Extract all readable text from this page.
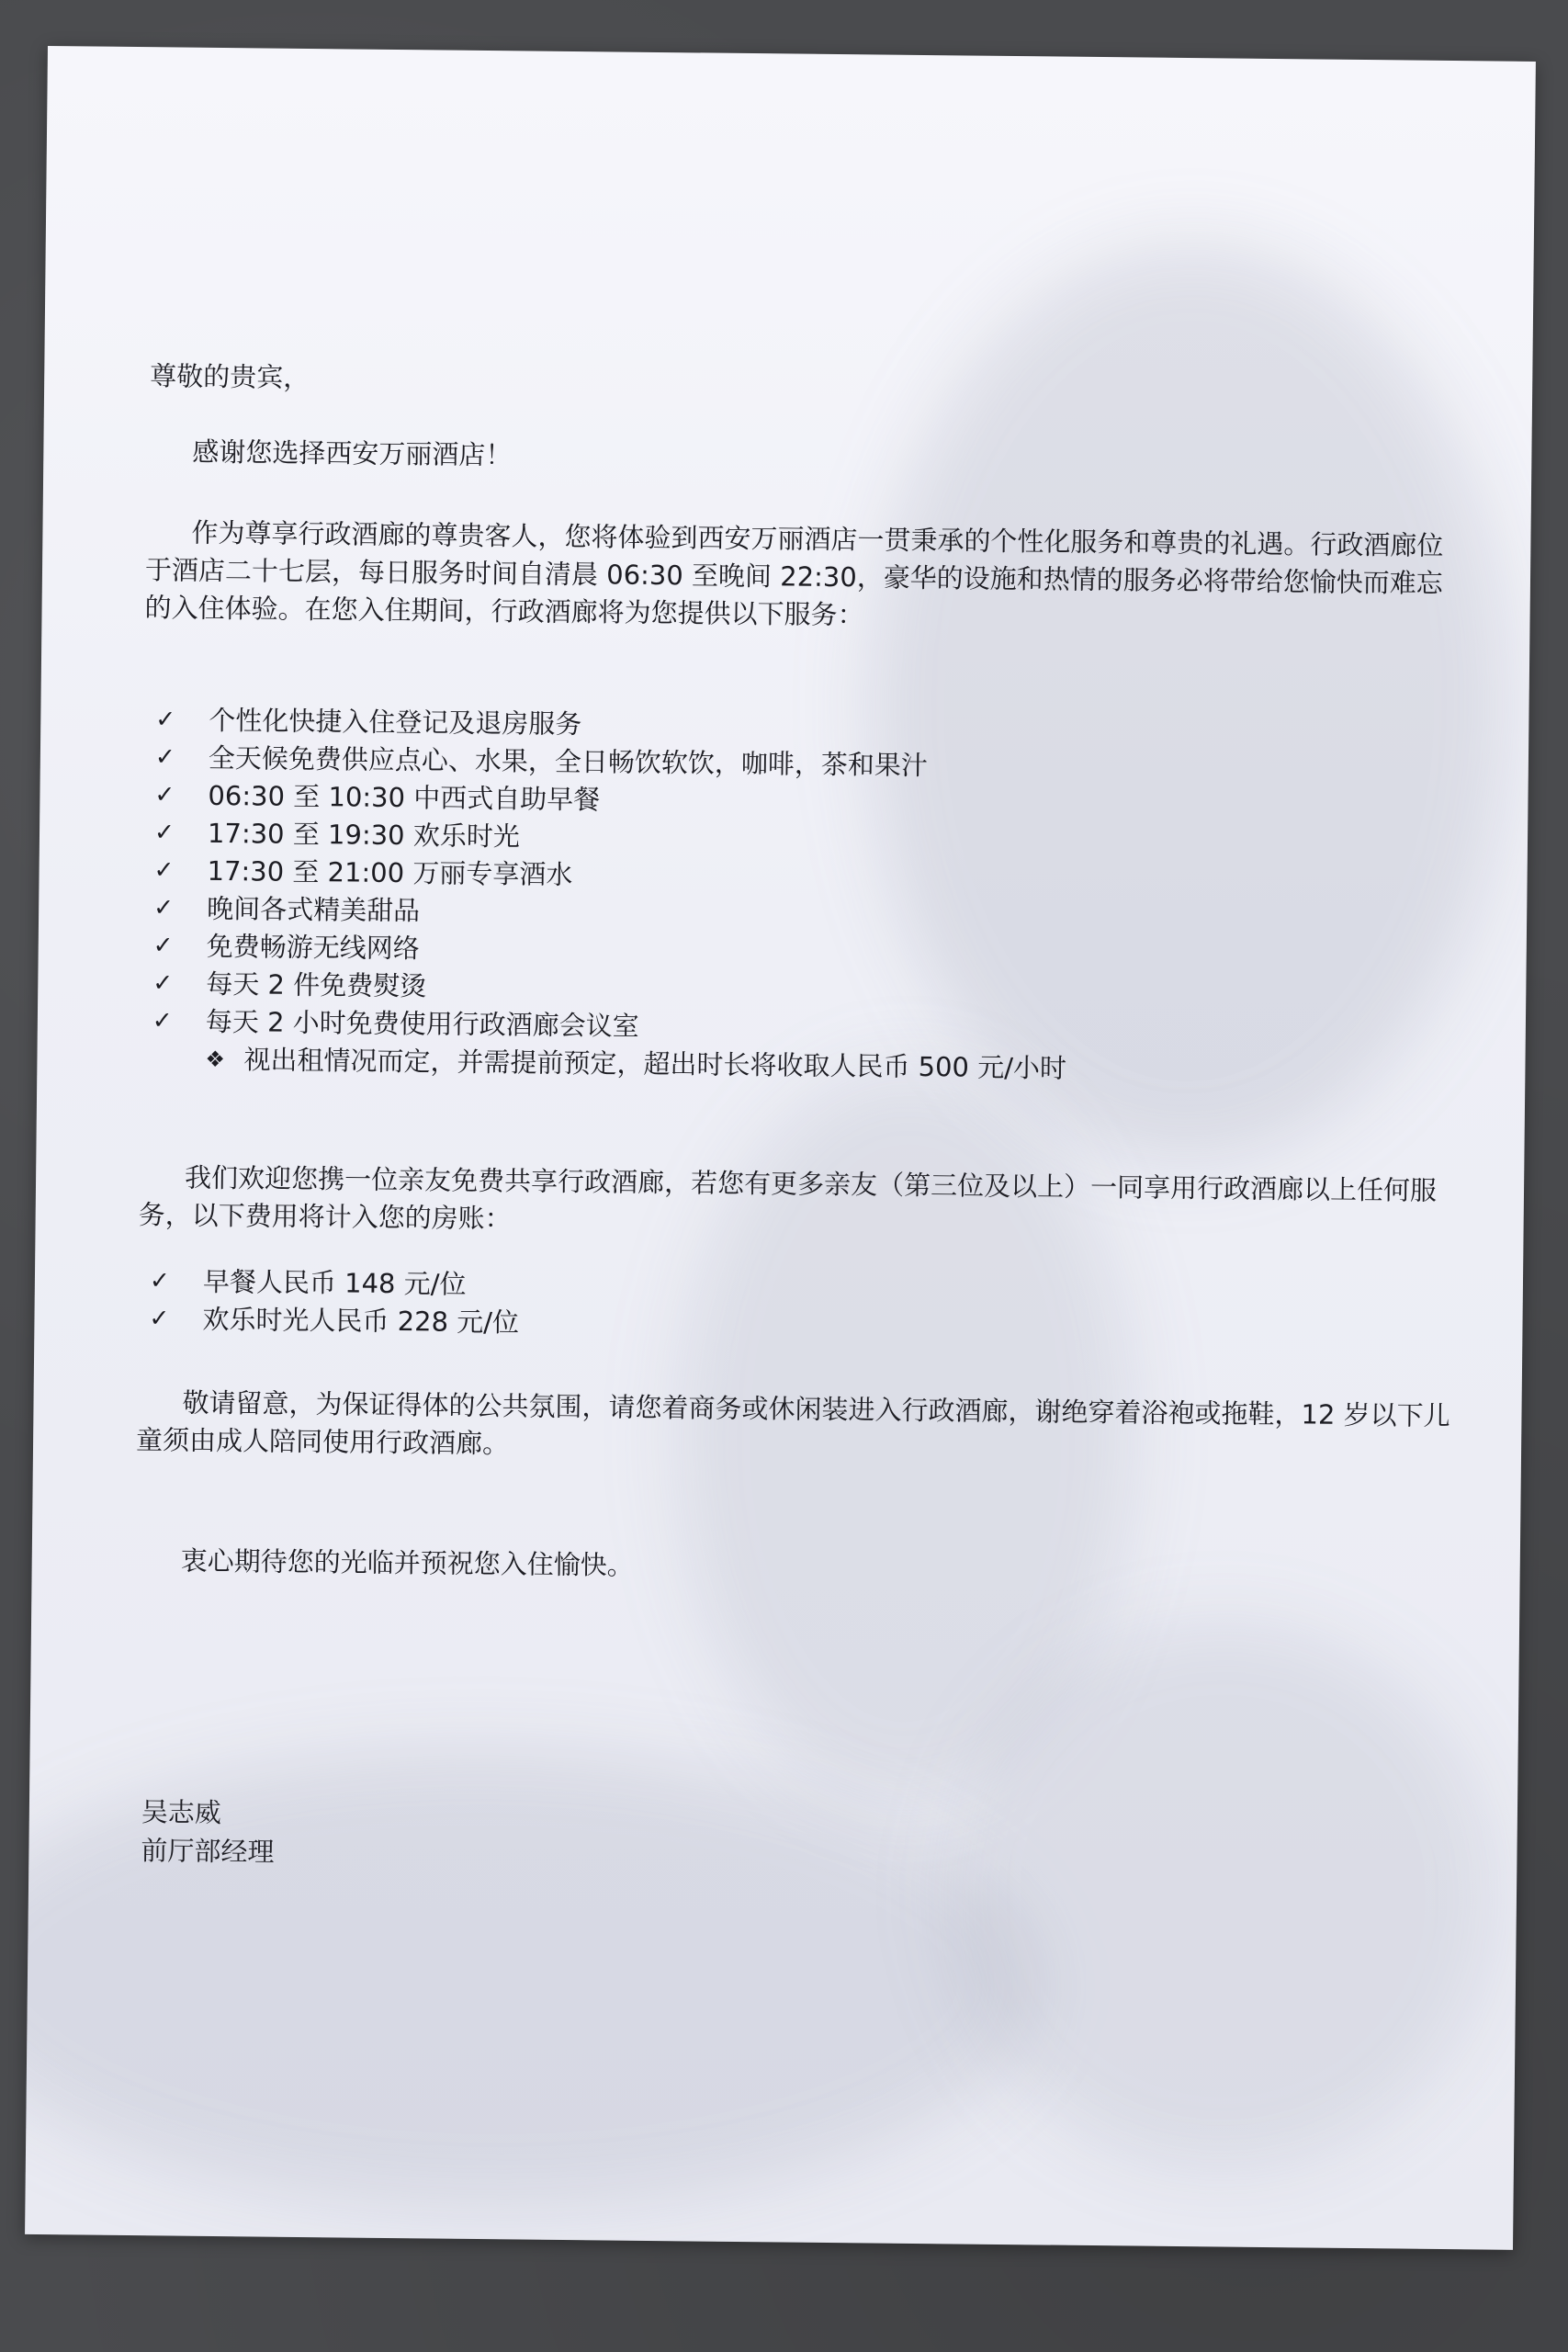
尊敬的贵宾，
感谢您选择西安万丽酒店！
作为尊享行政酒廊的尊贵客人，您将体验到西安万丽酒店一贯秉承的个性化服务和尊贵的礼遇。行政酒廊位于酒店二十七层，每日服务时间自清晨 06:30 至晚间 22:30，豪华的设施和热情的服务必将带给您愉快而难忘的入住体验。在您入住期间，行政酒廊将为您提供以下服务：
✓ 个性化快捷入住登记及退房服务
✓ 全天候免费供应点心、水果，全日畅饮软饮，咖啡，茶和果汁
✓ 06:30 至 10:30 中西式自助早餐
✓ 17:30 至 19:30 欢乐时光
✓ 17:30 至 21:00 万丽专享酒水
✓ 晚间各式精美甜品
✓ 免费畅游无线网络
✓ 每天 2 件免费熨烫
✓ 每天 2 小时免费使用行政酒廊会议室
❖ 视出租情况而定，并需提前预定，超出时长将收取人民币 500 元/小时
我们欢迎您携一位亲友免费共享行政酒廊，若您有更多亲友（第三位及以上）一同享用行政酒廊以上任何服务，以下费用将计入您的房账：
✓ 早餐人民币 148 元/位
✓ 欢乐时光人民币 228 元/位
敬请留意，为保证得体的公共氛围，请您着商务或休闲装进入行政酒廊，谢绝穿着浴袍或拖鞋，12 岁以下儿童须由成人陪同使用行政酒廊。
衷心期待您的光临并预祝您入住愉快。
吴志威
前厅部经理
